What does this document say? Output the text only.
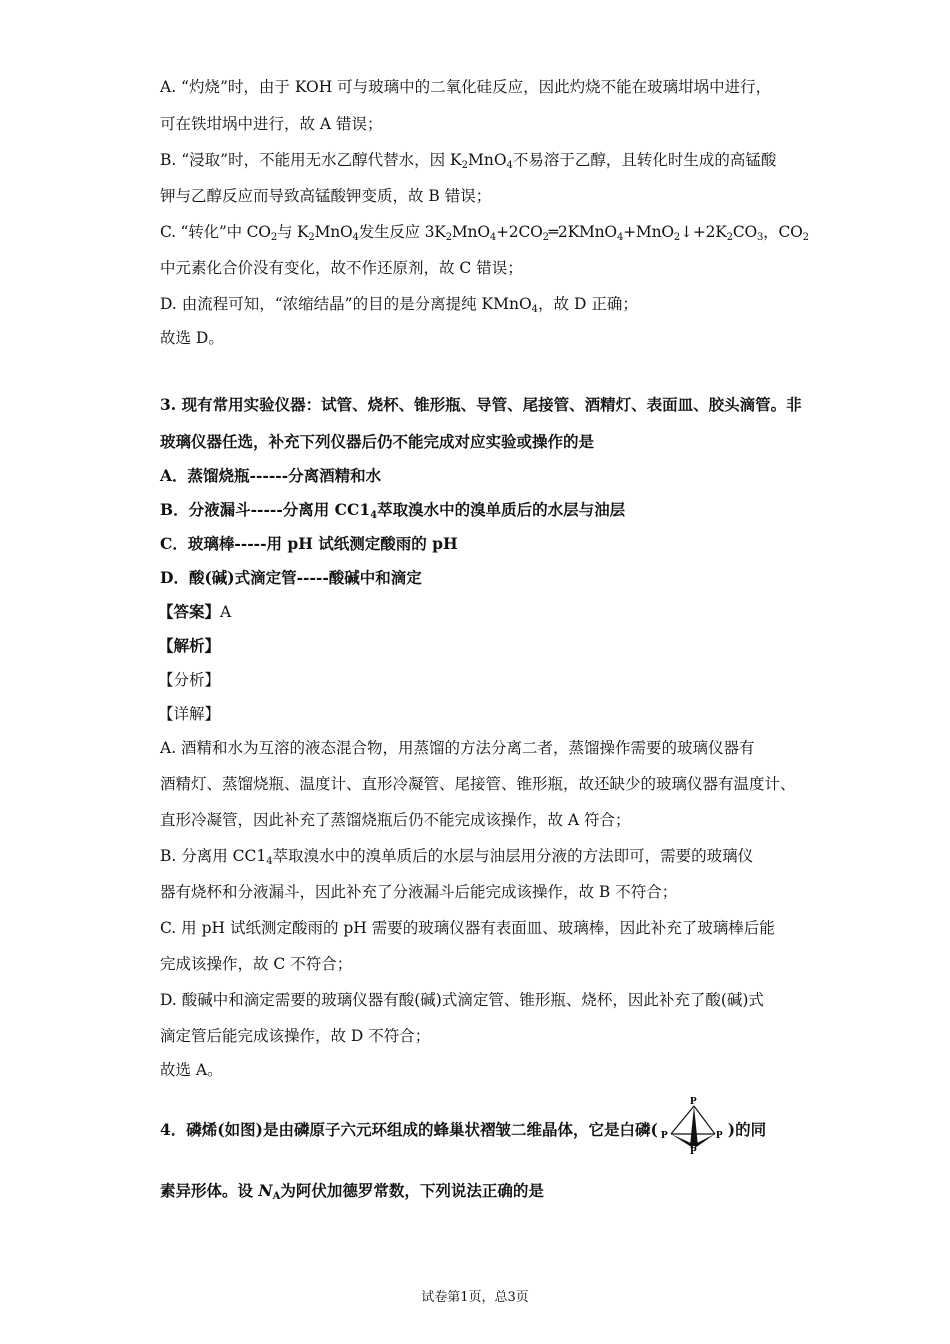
A. “灼烧”时，由于 KOH 可与玻璃中的二氧化硅反应，因此灼烧不能在玻璃坩埚中进行，
可在铁坩埚中进行，故 A 错误；
B. “浸取”时，不能用无水乙醇代替水，因 $K_2MnO_4$不易溶于乙醇，且转化时生成的高锰酸
钾与乙醇反应而导致高锰酸钾变质，故 B 错误；
C. “转化”中 $CO_2$与 $K_2MnO_4$发生反应 $3K_2MnO_4+2CO_2═2KMnO_4+MnO_2↓+2K_2CO_3$，$CO_2$
中元素化合价没有变化，故不作还原剂，故 C 错误；
D. 由流程可知，“浓缩结晶”的目的是分离提纯 KMnO$_4$，故 D 正确；
故选 D。
3. 现有常用实验仪器：试管、烧杯、锥形瓶、导管、尾接管、酒精灯、表面皿、胶头滴管。非
玻璃仪器任选，补充下列仪器后仍不能完成对应实验或操作的是
A．蒸馏烧瓶------分离酒精和水
B．分液漏斗-----分离用 $CC1_4$萃取溴水中的溴单质后的水层与油层
C．玻璃棒-----用 pH 试纸测定酸雨的 pH
D．酸(碱)式滴定管-----酸碱中和滴定
【答案】A
【解析】
【分析】
【详解】
A. 酒精和水为互溶的液态混合物，用蒸馏的方法分离二者，蒸馏操作需要的玻璃仪器有
酒精灯、蒸馏烧瓶、温度计、直形冷凝管、尾接管、锥形瓶，故还缺少的玻璃仪器有温度计、
直形冷凝管，因此补充了蒸馏烧瓶后仍不能完成该操作，故 A 符合；
B. 分离用 $CC1_4$萃取溴水中的溴单质后的水层与油层用分液的方法即可，需要的玻璃仪
器有烧杯和分液漏斗，因此补充了分液漏斗后能完成该操作，故 B 不符合；
C. 用 pH 试纸测定酸雨的 pH 需要的玻璃仪器有表面皿、玻璃棒，因此补充了玻璃棒后能
完成该操作，故 C 不符合；
D. 酸碱中和滴定需要的玻璃仪器有酸(碱)式滴定管、锥形瓶、烧杯，因此补充了酸(碱)式
滴定管后能完成该操作，故 D 不符合；
故选 A。
4．磷烯(如图)是由磷原子六元环组成的蜂巢状褶皱二维晶体，它是白磷(
P
P	P
P
)的同
素异形体。设 $N_A$为阿伏加德罗常数，下列说法正确的是
试卷第1页，总3页
